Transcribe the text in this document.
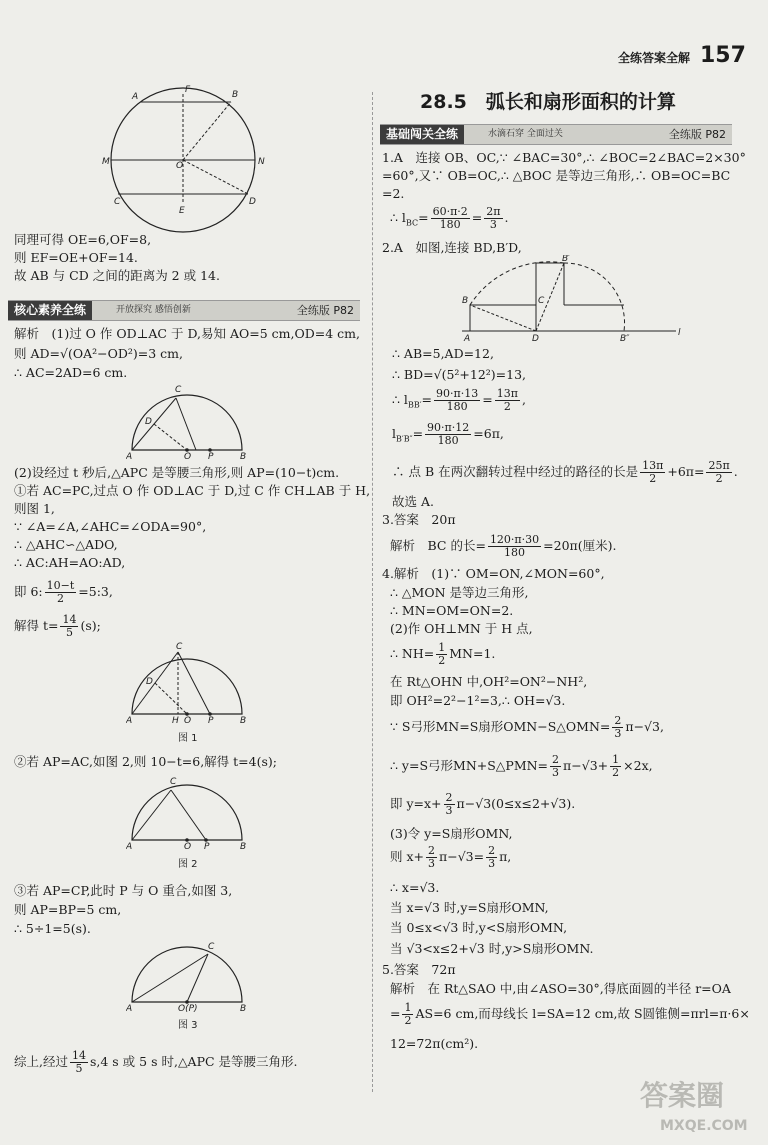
全练答案全解 157
A
F	B
M	O	N
C
E
D
同理可得 OE=6,OF=8,
则 EF=OE+OF=14.
故 AB 与 CD 之间的距离为 2 或 14.
核心素养全练	开放探究 感悟创新	全练版 P82
解析　(1)过 O 作 OD⊥AC 于 D,易知 AO=5 cm,OD=4 cm,
则 AD=√(OA²−OD²)=3 cm,
∴ AC=2AD=6 cm.
A
C
D
O P	B
(2)设经过 t 秒后,△APC 是等腰三角形,则 AP=(10−t)cm.
①若 AC=PC,过点 O 作 OD⊥AC 于 D,过 C 作 CH⊥AB 于 H,
则图 1,
∵ ∠A=∠A,∠AHC=∠ODA=90°,
∴ △AHC∽△ADO,
∴ AC:AH=AO:AD,
即 6: $\frac{10-t}{2}$ =5:3,
解得 $t= \frac{14}{5} (s)$;
A
C
D
H O P	B
图 1
②若 AP=AC,如图 2,则 10−t=6,解得 t=4(s);
A
C
O P	B
图 2
③若 AP=CP,此时 P 与 O 重合,如图 3,
则 AP=BP=5 cm,
∴ 5÷1=5(s).
A
C
O(P)	B
图 3
综上,经过 $\frac{14}{5} s,4$ s 或 5 s 时,△APC 是等腰三角形.
28.5　弧长和扇形面积的计算
基础闯关全练	水滴石穿 全面过关	全练版 P82
1.A　连接 OB、OC,∵ ∠BAC=30°,∴ ∠BOC=2∠BAC=2×30°
=60°,又∵ OB=OC,∴ △BOC 是等边三角形,∴ OB=OC=BC
=2.
∴ $l_{BC}= \frac{60\cdot\pi\cdot 2}{180} = \frac{2\pi}{3}$ .
2.A　如图,连接 BD,B′D,
B
B′
C
A	D	B″
l
∴ AB=5,AD=12,
∴ BD=√(5²+12²)=13,
∴ $l_{BB'}= \frac{90\cdot\pi\cdot 13}{180} = \frac{13\pi}{2}$ ,
$l_{B'B''}= \frac{90\cdot\pi\cdot 12}{180} =6\pi$,
∴ 点 B 在两次翻转过程中经过的路径的长是 $\frac{13\pi}{2} +6\pi= \frac{25\pi}{2}$ .
故选 A.
3.答案　20π
解析　BC 的长= $\frac{120\cdot\pi\cdot 30}{180} =20\pi$(厘米).
4.解析　(1)∵ OM=ON,∠MON=60°,
∴ △MON 是等边三角形,
∴ MN=OM=ON=2.
(2)作 OH⊥MN 于 H 点,
∴ $NH= \frac{1}{2} MN=1$.
在 Rt△OHN 中,OH²=ON²−NH²,
即 OH²=2²−1²=3,∴ OH=√3.
∵ S弓形MN=S扇形OMN−S△OMN= $\frac{2}{3} \pi-√3$,
∴ y=S弓形MN+S△PMN= $\frac{2}{3} \pi-√3+ \frac{1}{2} \times 2x$,
即 $y=x+ \frac{2}{3} \pi-√3(0\le x\le 2+√3)$.
(3)令 y=S扇形OMN,
则 $x+ \frac{2}{3} \pi-√3= \frac{2}{3} \pi$,
∴ x=√3.
当 x=√3 时,y=S扇形OMN,
当 0≤x<√3 时,y<S扇形OMN,
当 √3<x≤2+√3 时,y>S扇形OMN.
5.答案　72π
解析　在 Rt△SAO 中,由∠ASO=30°,得底面圆的半径 r=OA
= $\frac{1}{2} AS=6$ cm,而母线长 l=SA=12 cm,故 S圆锥侧=πrl=π·6×
12=72π(cm²).
答案圈
MXQE.COM
